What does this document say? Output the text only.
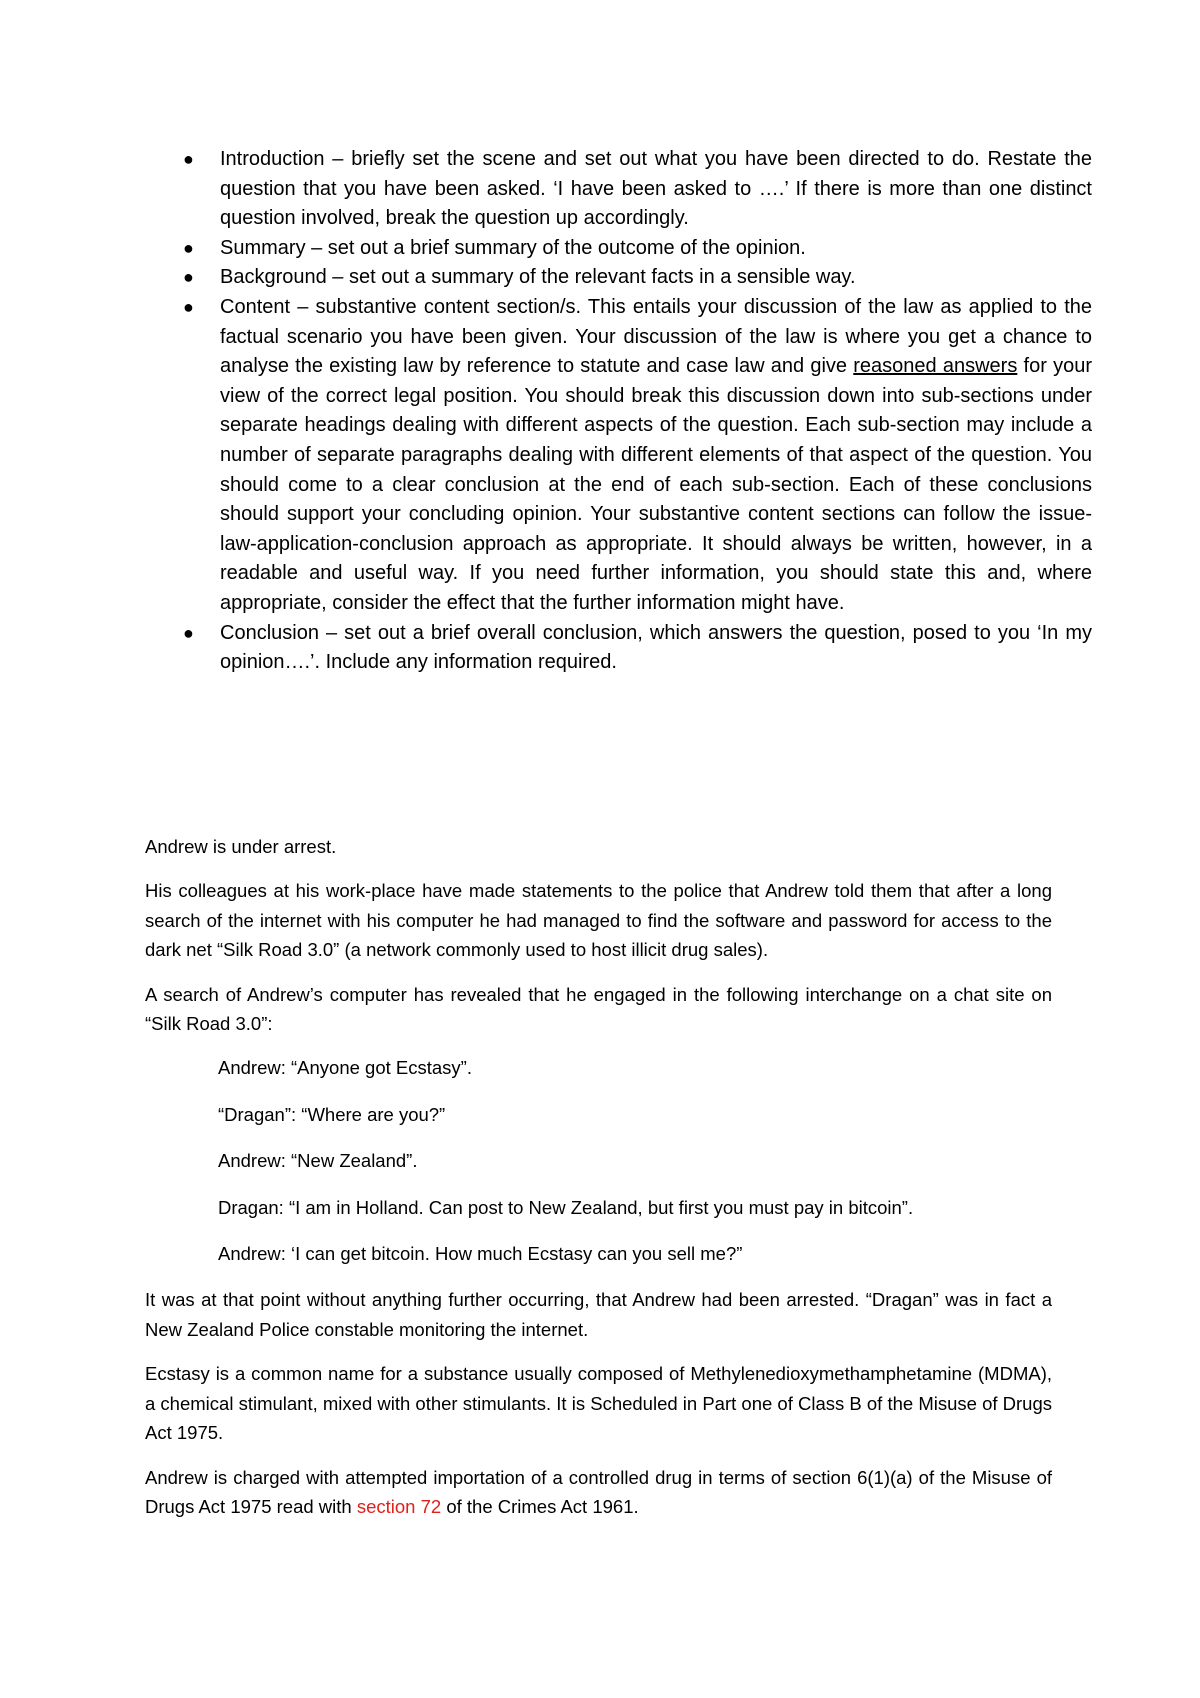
● Introduction – briefly set the scene and set out what you have been directed to do. Restate the question that you have been asked. ‘I have been asked to ….’ If there is more than one distinct question involved, break the question up accordingly.
● Summary – set out a brief summary of the outcome of the opinion.
● Background – set out a summary of the relevant facts in a sensible way.
● Content – substantive content section/s. This entails your discussion of the law as applied to the factual scenario you have been given. Your discussion of the law is where you get a chance to analyse the existing law by reference to statute and case law and give reasoned answers for your view of the correct legal position. You should break this discussion down into sub-sections under separate headings dealing with different aspects of the question. Each sub-section may include a number of separate paragraphs dealing with different elements of that aspect of the question. You should come to a clear conclusion at the end of each sub-section. Each of these conclusions should support your concluding opinion. Your substantive content sections can follow the issue-law-application-conclusion approach as appropriate. It should always be written, however, in a readable and useful way. If you need further information, you should state this and, where appropriate, consider the effect that the further information might have.
● Conclusion – set out a brief overall conclusion, which answers the question, posed to you ‘In my opinion….’. Include any information required.

Andrew is under arrest.

His colleagues at his work-place have made statements to the police that Andrew told them that after a long search of the internet with his computer he had managed to find the software and password for access to the dark net “Silk Road 3.0” (a network commonly used to host illicit drug sales).

A search of Andrew’s computer has revealed that he engaged in the following interchange on a chat site on “Silk Road 3.0”:

Andrew: “Anyone got Ecstasy”.

“Dragan”: “Where are you?”

Andrew: “New Zealand”.

Dragan: “I am in Holland. Can post to New Zealand, but first you must pay in bitcoin”.

Andrew: ‘I can get bitcoin. How much Ecstasy can you sell me?”

It was at that point without anything further occurring, that Andrew had been arrested. “Dragan” was in fact a New Zealand Police constable monitoring the internet.

Ecstasy is a common name for a substance usually composed of Methylenedioxymethamphetamine (MDMA), a chemical stimulant, mixed with other stimulants. It is Scheduled in Part one of Class B of the Misuse of Drugs Act 1975.

Andrew is charged with attempted importation of a controlled drug in terms of section 6(1)(a) of the Misuse of Drugs Act 1975 read with section 72 of the Crimes Act 1961.
